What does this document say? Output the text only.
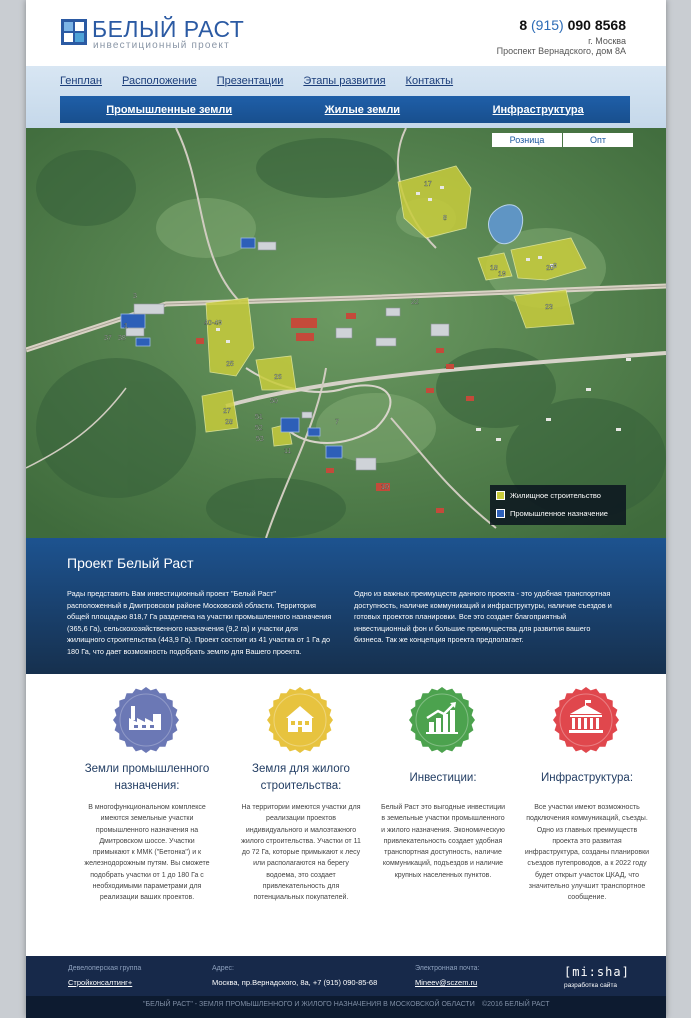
БЕЛЫЙ РАСТ
инвестиционный проект
8 (915) 090 8568
г. Москва
Проспект Вернадского, дом 8А
Генплан Расположение Презентации Этапы развития Контакты
Промышленные земли	Жилые земли	Инфраструктура
17
8
18
19
20 9
22
23
3
1
37 38
40-49
25
26
27
28
50
51
52
53
11
7
10
Розница	Опт
Жилищное строительство
Промышленное назначение
Проект Белый Раст

Рады представить Вам инвестиционный проект "Белый Раст" расположенный в Дмитровском районе Московской области. Территория общей площадью 818,7 Га разделена на участки промышленного назначения (365,6 Га), сельскохозяйственного назначения (9,2 га) и участки для жилищного строительства (443,9 Га). Проект состоит из 41 участка от 1 Га до 180 Га, что дает возможность подобрать землю для Вашего проекта.

Одно из важных преимуществ данного проекта - это удобная транспортная доступность, наличие коммуникаций и инфраструктуры, наличие съездов и готовых проектов планировки. Все это создает благоприятный инвестиционный фон и большие преимущества для развития вашего бизнеса. Так же концепция проекта предполагает.

Земли промышленного назначения:

В многофункциональном комплексе имеются земельные участки промышленного назначения на Дмитровском шоссе. Участки примыкают к ММК ("Бетонка") и к железнодорожным путям. Вы сможете подобрать участки от 1 до 180 Га с необходимыми параметрами для реализации ваших проектов.

Земля для жилого строительства:

На территории имеются участки для реализации проектов индивидуального и малоэтажного жилого строительства. Участки от 11 до 72 Га, которые примыкают к лесу или располагаются на берегу водоема, это создает привлекательность для потенциальных покупателей.

Инвестиции:

Белый Раст это выгодные инвестиции в земельные участки промышленного и жилого назначения. Экономическую привлекательность создает удобная транспортная доступность, наличие коммуникаций, подъездов и наличие крупных населенных пунктов.

Инфраструктура:

Все участки имеют возможность подключения коммуникаций, съезды. Одно из главных преимуществ проекта это развитая инфраструктура, созданы планировки съездов путепроводов, а к 2022 году будет открыт участок ЦКАД, что значительно улучшит транспортное сообщение.

Девелоперская группа
Стройконсалтинг+
Адрес:
Москва, пр.Вернадского, 8а, +7 (915) 090-85-68
Электронная почта:
Mineev@sczem.ru
[mi:sha]
разработка сайта
"БЕЛЫЙ РАСТ" - ЗЕМЛЯ ПРОМЫШЛЕННОГО И ЖИЛОГО НАЗНАЧЕНИЯ В МОСКОВСКОЙ ОБЛАСТИ ©2016 БЕЛЫЙ РАСТ
